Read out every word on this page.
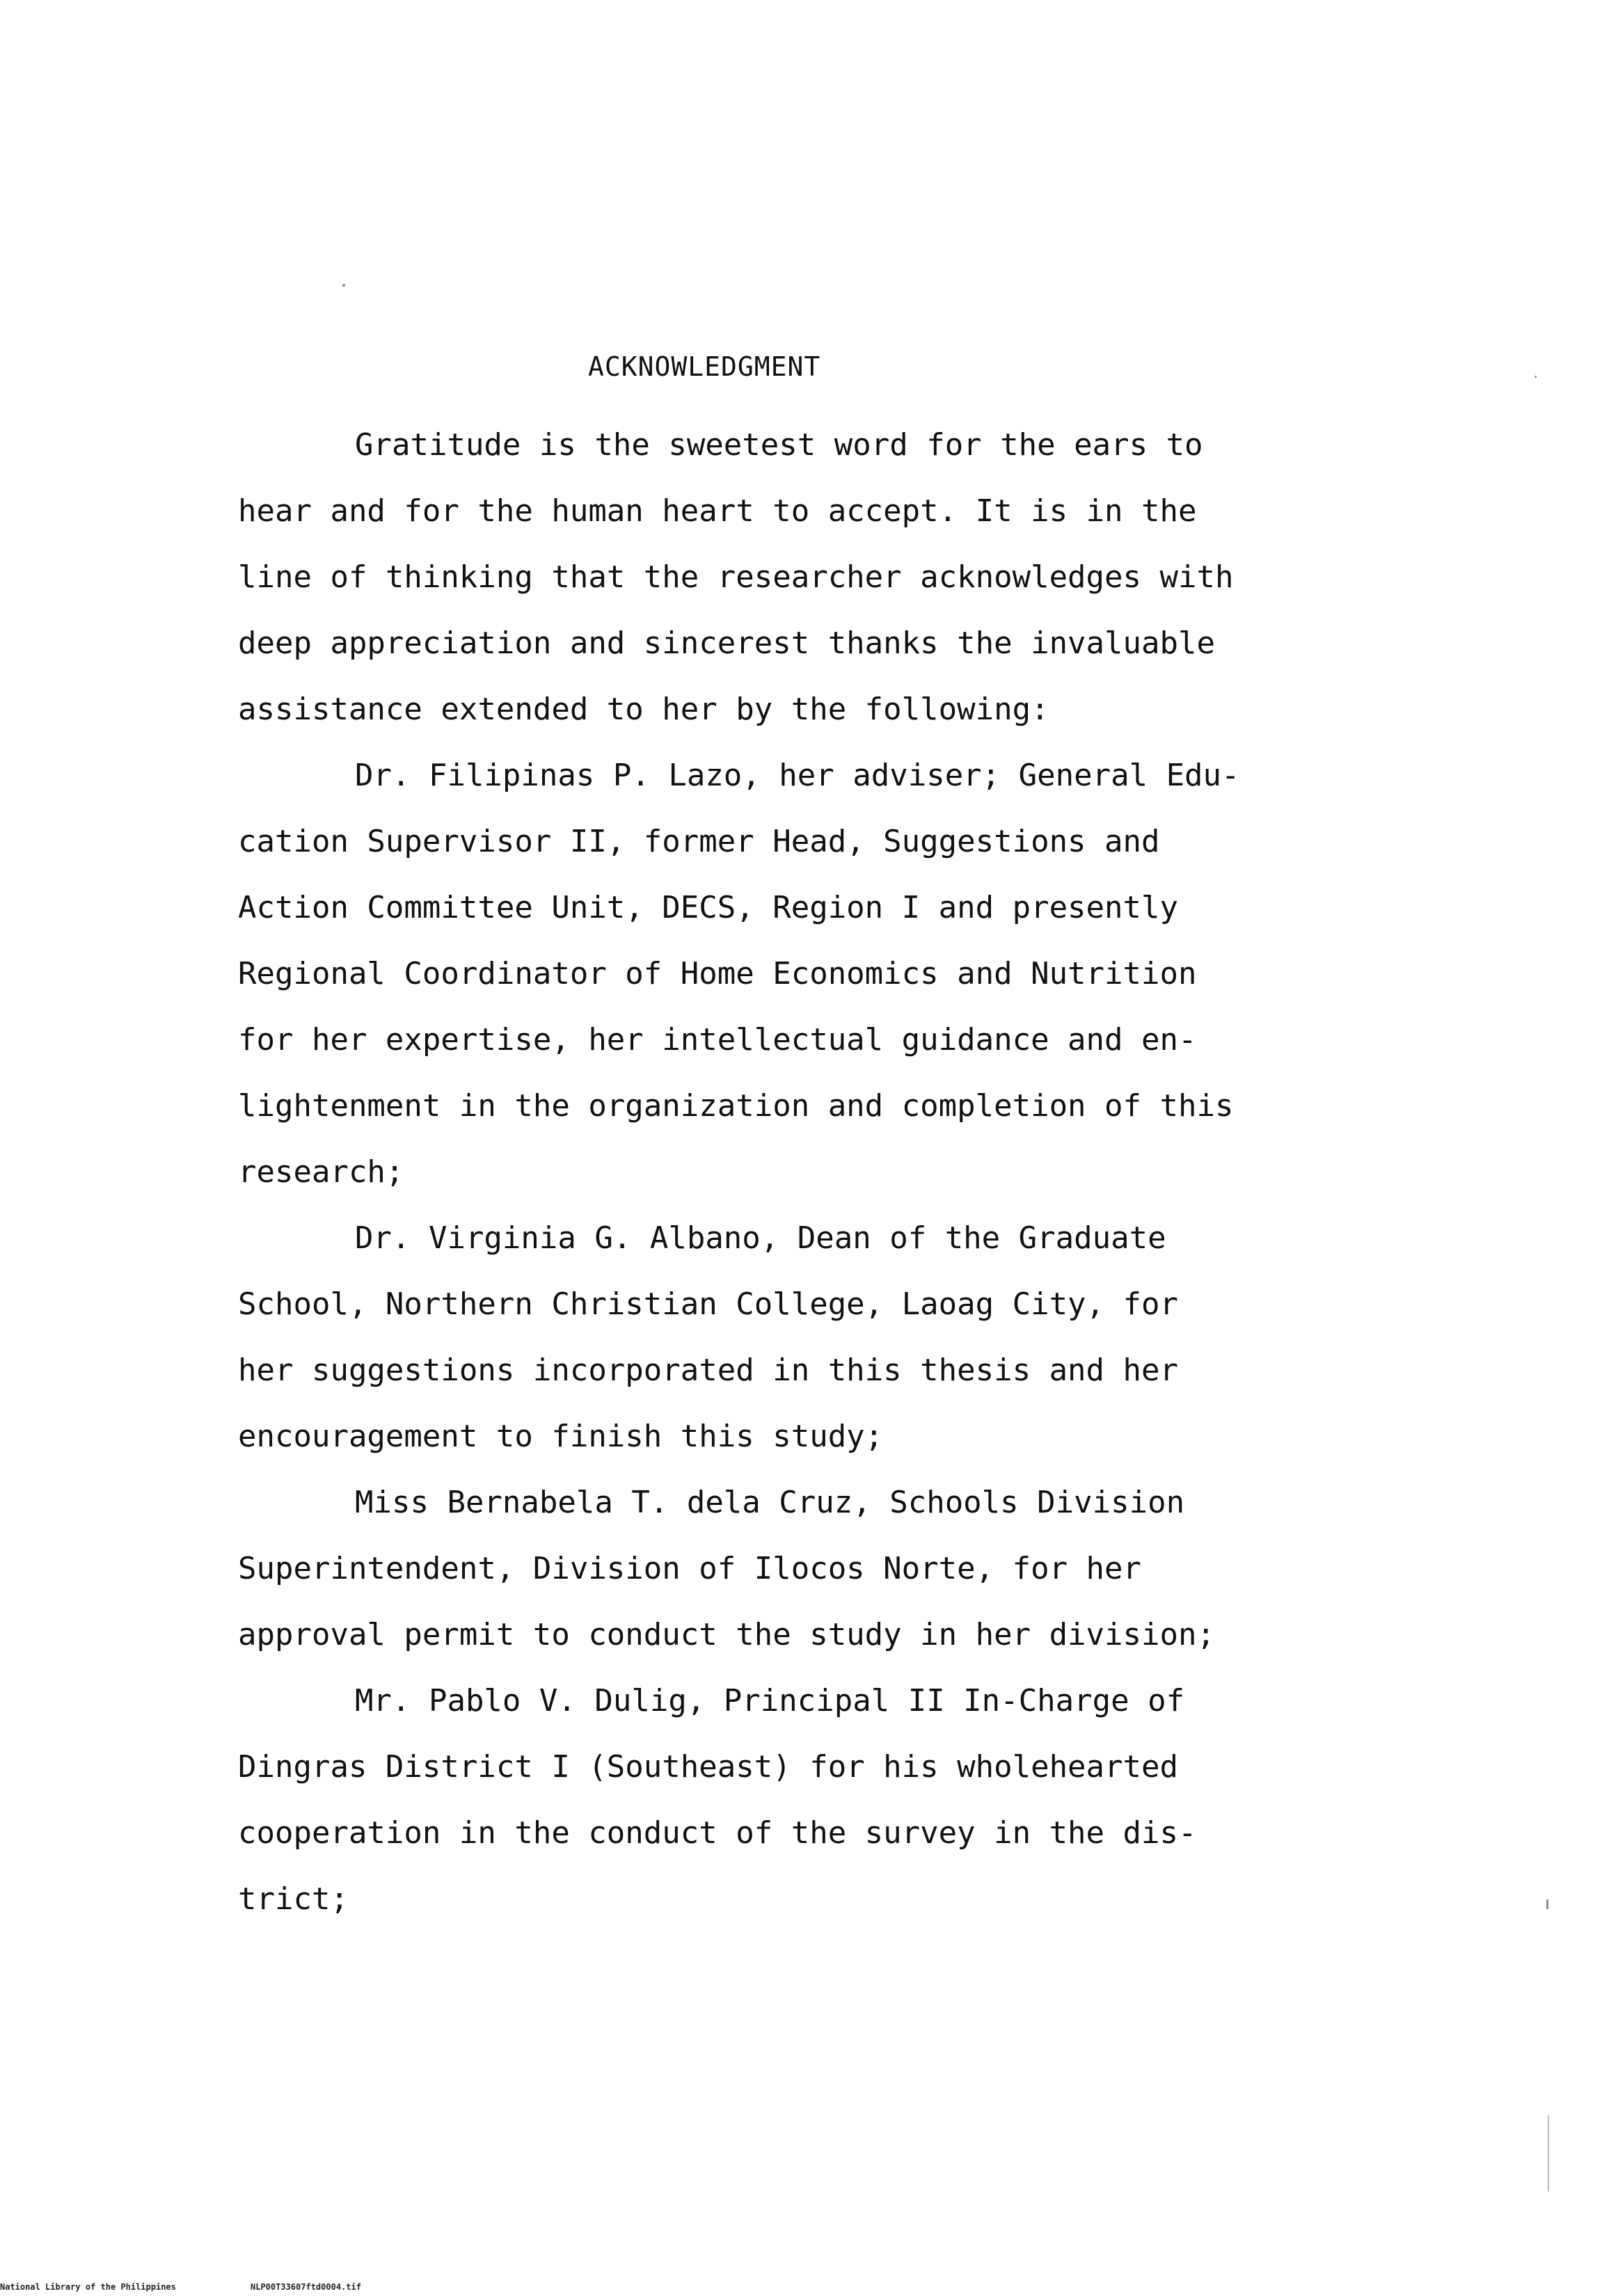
ACKNOWLEDGMENT
Gratitude is the sweetest word for the ears to
hear and for the human heart to accept. It is in the
line of thinking that the researcher acknowledges with
deep appreciation and sincerest thanks the invaluable
assistance extended to her by the following:
Dr. Filipinas P. Lazo, her adviser; General Edu-
cation Supervisor II, former Head, Suggestions and
Action Committee Unit, DECS, Region I and presently
Regional Coordinator of Home Economics and Nutrition
for her expertise, her intellectual guidance and en-
lightenment in the organization and completion of this
research;
Dr. Virginia G. Albano, Dean of the Graduate
School, Northern Christian College, Laoag City, for
her suggestions incorporated in this thesis and her
encouragement to finish this study;
Miss Bernabela T. dela Cruz, Schools Division
Superintendent, Division of Ilocos Norte, for her
approval permit to conduct the study in her division;
Mr. Pablo V. Dulig, Principal II In-Charge of
Dingras District I (Southeast) for his wholehearted
cooperation in the conduct of the survey in the dis-
trict;
National Library of the Philippines	NLP00T33607ftd0004.tif
